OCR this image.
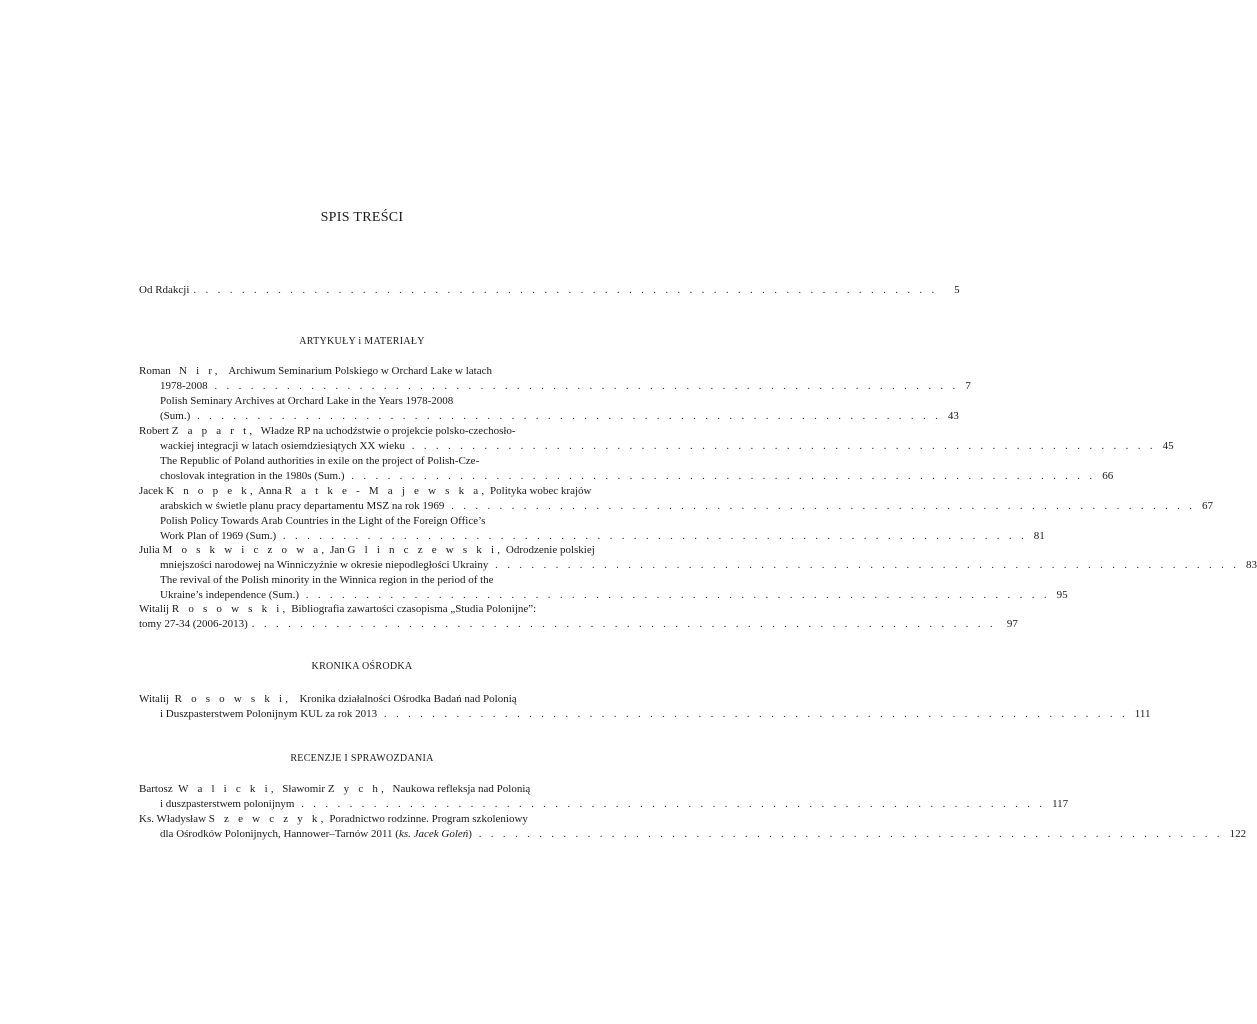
SPIS TREŚCI
Od Rdakcji . . . . . . . . . . . . . . . . . . . . . . . . . . . . . . . . . . . . . . . . . . . . . . . . . . . . . . . . . . . . . .	5
ARTYKUŁY i MATERIAŁY
Roman N i r, Archiwum Seminarium Polskiego w Orchard Lake w latach
1978-2008 . . . . . . . . . . . . . . . . . . . . . . . . . . . . . . . . . . . . . . . . . . . . . . . . . . . . . . . . . . . . . . 7
Polish Seminary Archives at Orchard Lake in the Years 1978-2008
(Sum.) . . . . . . . . . . . . . . . . . . . . . . . . . . . . . . . . . . . . . . . . . . . . . . . . . . . . . . . . . . . . . . 43
Robert Z a p a r t, Władze RP na uchodźstwie o projekcie polsko-czechosło-
wackiej integracji w latach osiemdziesiątych XX wieku . . . . . . . . . . . . . . . . . . . . . . . . . . . . . . . . . . . . . . . . . . . . . . . . . . . . . . . . . . . . . . 45
The Republic of Poland authorities in exile on the project of Polish-Cze-
choslovak integration in the 1980s (Sum.) . . . . . . . . . . . . . . . . . . . . . . . . . . . . . . . . . . . . . . . . . . . . . . . . . . . . . . . . . . . . . . 66
Jacek K n o p e k, Anna R a t k e - M a j e w s k a, Polityka wobec krajów
arabskich w świetle planu pracy departamentu MSZ na rok 1969 . . . . . . . . . . . . . . . . . . . . . . . . . . . . . . . . . . . . . . . . . . . . . . . . . . . . . . . . . . . . . . 67
Polish Policy Towards Arab Countries in the Light of the Foreign Office’s
Work Plan of 1969 (Sum.) . . . . . . . . . . . . . . . . . . . . . . . . . . . . . . . . . . . . . . . . . . . . . . . . . . . . . . . . . . . . . . 81
Julia M o s k w i c z o w a, Jan G l i n c z e w s k i, Odrodzenie polskiej
mniejszości narodowej na Winniczyźnie w okresie niepodległości Ukrainy . . . . . . . . . . . . . . . . . . . . . . . . . . . . . . . . . . . . . . . . . . . . . . . . . . . . . . . . . . . . . . 83
The revival of the Polish minority in the Winnica region in the period of the
Ukraine’s independence (Sum.) . . . . . . . . . . . . . . . . . . . . . . . . . . . . . . . . . . . . . . . . . . . . . . . . . . . . . . . . . . . . . . 95
Witalij R o s o w s k i, Bibliografia zawartości czasopisma „Studia Polonijne”:
tomy 27-34 (2006-2013) . . . . . . . . . . . . . . . . . . . . . . . . . . . . . . . . . . . . . . . . . . . . . . . . . . . . . . . . . . . . . .	97
KRONIKA OŚRODKA
Witalij R o s o w s k i, Kronika działalności Ośrodka Badań nad Polonią
i Duszpasterstwem Polonijnym KUL za rok 2013 . . . . . . . . . . . . . . . . . . . . . . . . . . . . . . . . . . . . . . . . . . . . . . . . . . . . . . . . . . . . . . 111
RECENZJE I SPRAWOZDANIA
Bartosz W a l i c k i, Sławomir Z y c h, Naukowa refleksja nad Polonią
i duszpasterstwem polonijnym . . . . . . . . . . . . . . . . . . . . . . . . . . . . . . . . . . . . . . . . . . . . . . . . . . . . . . . . . . . . . . 117
Ks. Władysław S z e w c z y k, Poradnictwo rodzinne. Program szkoleniowy
dla Ośrodków Polonijnych, Hannower–Tarnów 2011 (ks. Jacek Goleń) . . . . . . . . . . . . . . . . . . . . . . . . . . . . . . . . . . . . . . . . . . . . . . . . . . . . . . . . . . . . . . 122
